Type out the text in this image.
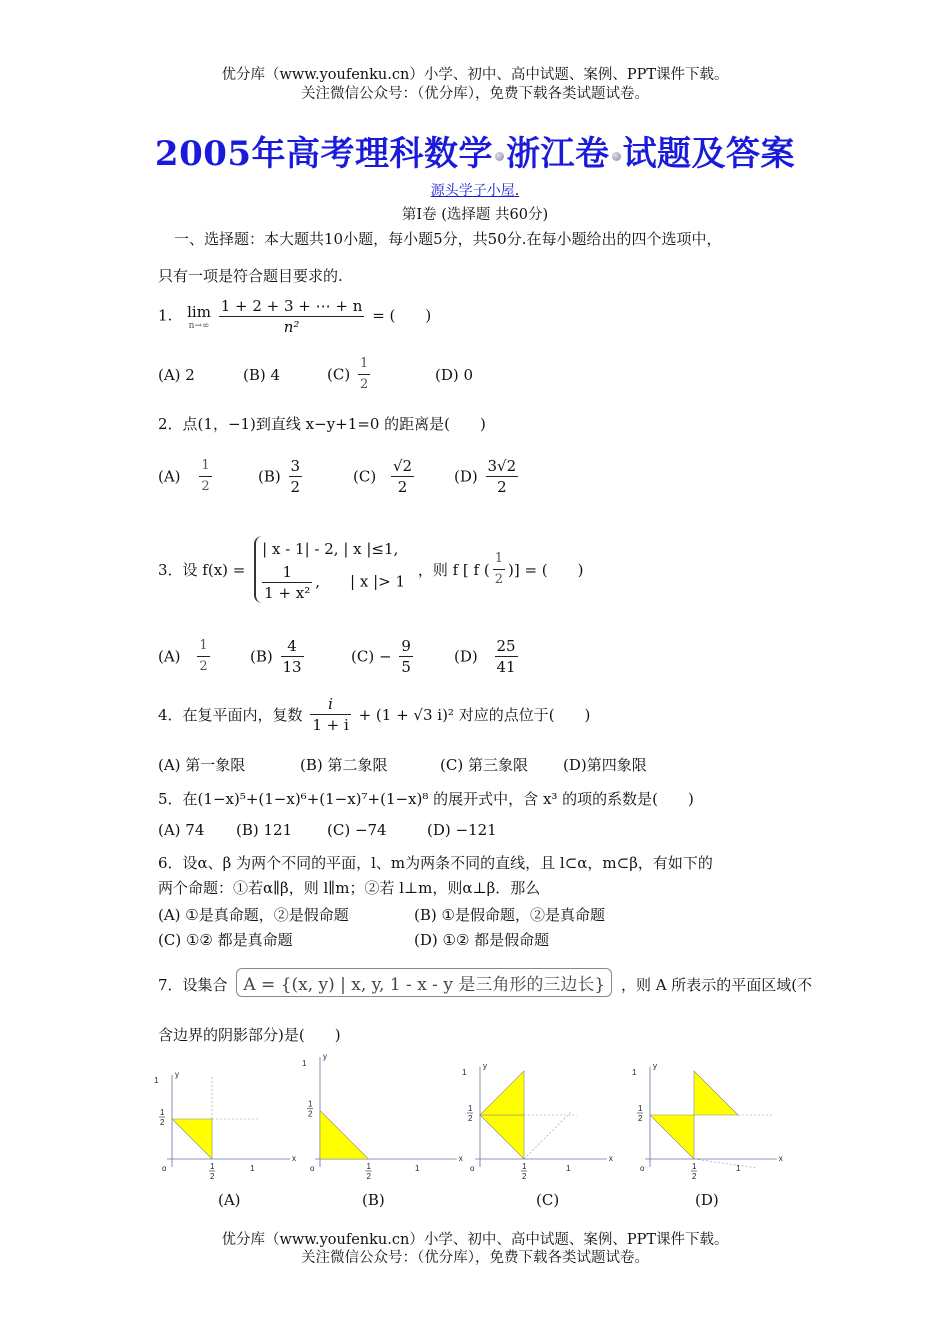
优分库（www.youfenku.cn）小学、初中、高中试题、案例、PPT课件下载。
关注微信公众号：（优分库），免费下载各类试题试卷。
2005年高考理科数学 浙江卷 试题及答案
源头学子小屋.
第Ⅰ卷 (选择题 共60分)
一、选择题：本大题共10小题，每小题5分，共50分.在每小题给出的四个选项中，
只有一项是符合题目要求的.
1. lim
n→∞
$\frac{1 + 2 + 3 + \cdots + n}{\text{n²}}$ = (　　)
(A) 2	(B) 4	$(C) \frac{1}{2}$	(D) 0
2．点(1，−1)到直线 x−y+1=0 的距离是(　　)
$(A) \frac{1}{2}$	$(B) \frac{3}{2}$	$(C) \frac{√2}{2}$	$(D) \frac{3√2}{2}$
3．设 f(x) =
| x - 1| - 2, | x |≤1,
$\frac{1}{\text{1 + x²}}$ ,　　| x |> 1
，则 f [ f ( $\frac{1}{2}$ )] = (　　)
$(A) \frac{1}{2}$	$(B) \frac{4}{13}$	$(C) - \frac{9}{5}$	$(D) \frac{25}{41}$
4．在复平面内，复数 $\frac{i}{1 + i} + (1 + √3$ i)² 对应的点位于(　　)
(A) 第一象限	(B) 第二象限	(C) 第三象限 (D)第四象限
5．在(1−x)⁵+(1−x)⁶+(1−x)⁷+(1−x)⁸ 的展开式中，含 x³ 的项的系数是(　　)
(A) 74 (B) 121 (C) −74	(D) −121
6．设α、β 为两个不同的平面，l、m为两条不同的直线，且 l⊂α，m⊂β，有如下的
两个命题：①若α∥β，则 l∥m；②若 l⊥m，则α⊥β．那么
(A) ①是真命题，②是假命题	(B) ①是假命题，②是真命题
(C) ①② 都是真命题	(D) ①② 都是假命题
7．设集合 A = {(x, y) | x, y, 1 - x - y 是三角形的三边长} ，则 A 所表示的平面区域(不
含边界的阴影部分)是(　　)
x
y
o
1
1
1
2
1
2
x
y
o
1
1
1
2
1
2
x
y
o
1
1
1
2
1
2
x
y
o
1
1
1
2
1
2
(A)	(B)	(C)	(D)
优分库（www.youfenku.cn）小学、初中、高中试题、案例、PPT课件下载。
关注微信公众号：（优分库），免费下载各类试题试卷。
